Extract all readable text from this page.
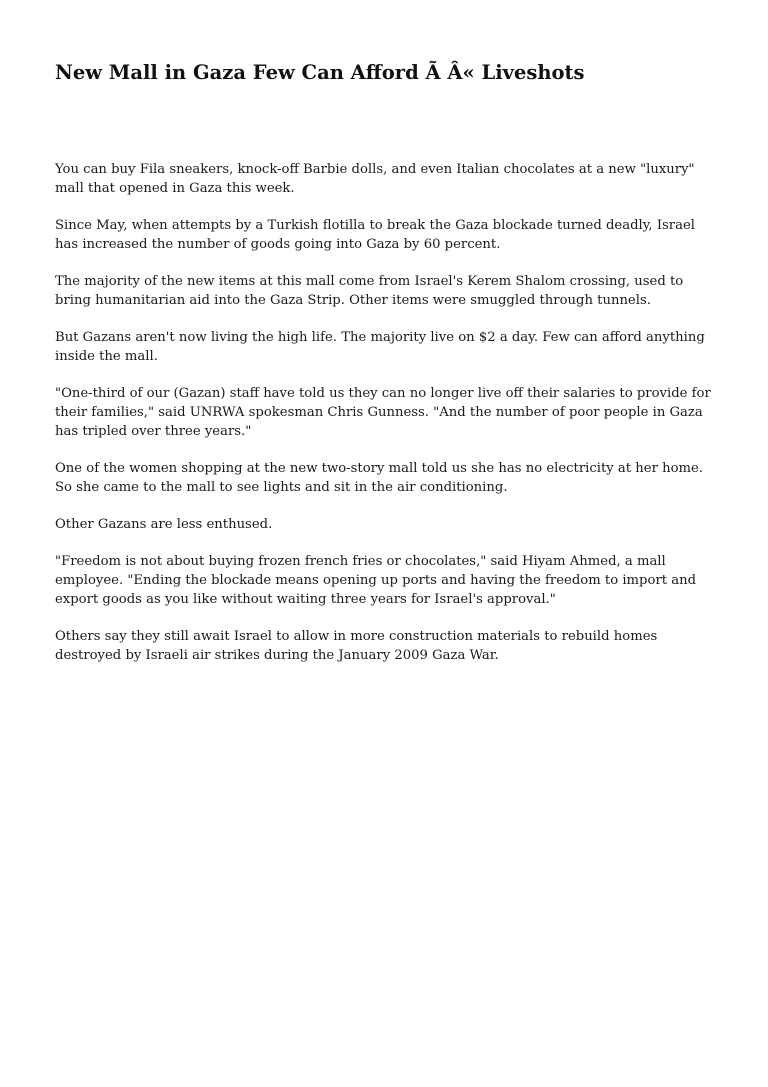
New Mall in Gaza Few Can Afford Ã Â« Liveshots

You can buy Fila sneakers, knock-off Barbie dolls, and even Italian chocolates at a new "luxury" mall that opened in Gaza this week.

Since May, when attempts by a Turkish flotilla to break the Gaza blockade turned deadly, Israel has increased the number of goods going into Gaza by 60 percent.

The majority of the new items at this mall come from Israel's Kerem Shalom crossing, used to bring humanitarian aid into the Gaza Strip. Other items were smuggled through tunnels.

But Gazans aren't now living the high life. The majority live on $2 a day. Few can afford anything inside the mall.

"One-third of our (Gazan) staff have told us they can no longer live off their salaries to provide for their families," said UNRWA spokesman Chris Gunness. "And the number of poor people in Gaza has tripled over three years."

One of the women shopping at the new two-story mall told us she has no electricity at her home. So she came to the mall to see lights and sit in the air conditioning.

Other Gazans are less enthused.

"Freedom is not about buying frozen french fries or chocolates," said Hiyam Ahmed, a mall employee. "Ending the blockade means opening up ports and having the freedom to import and export goods as you like without waiting three years for Israel's approval."

Others say they still await Israel to allow in more construction materials to rebuild homes destroyed by Israeli air strikes during the January 2009 Gaza War.
